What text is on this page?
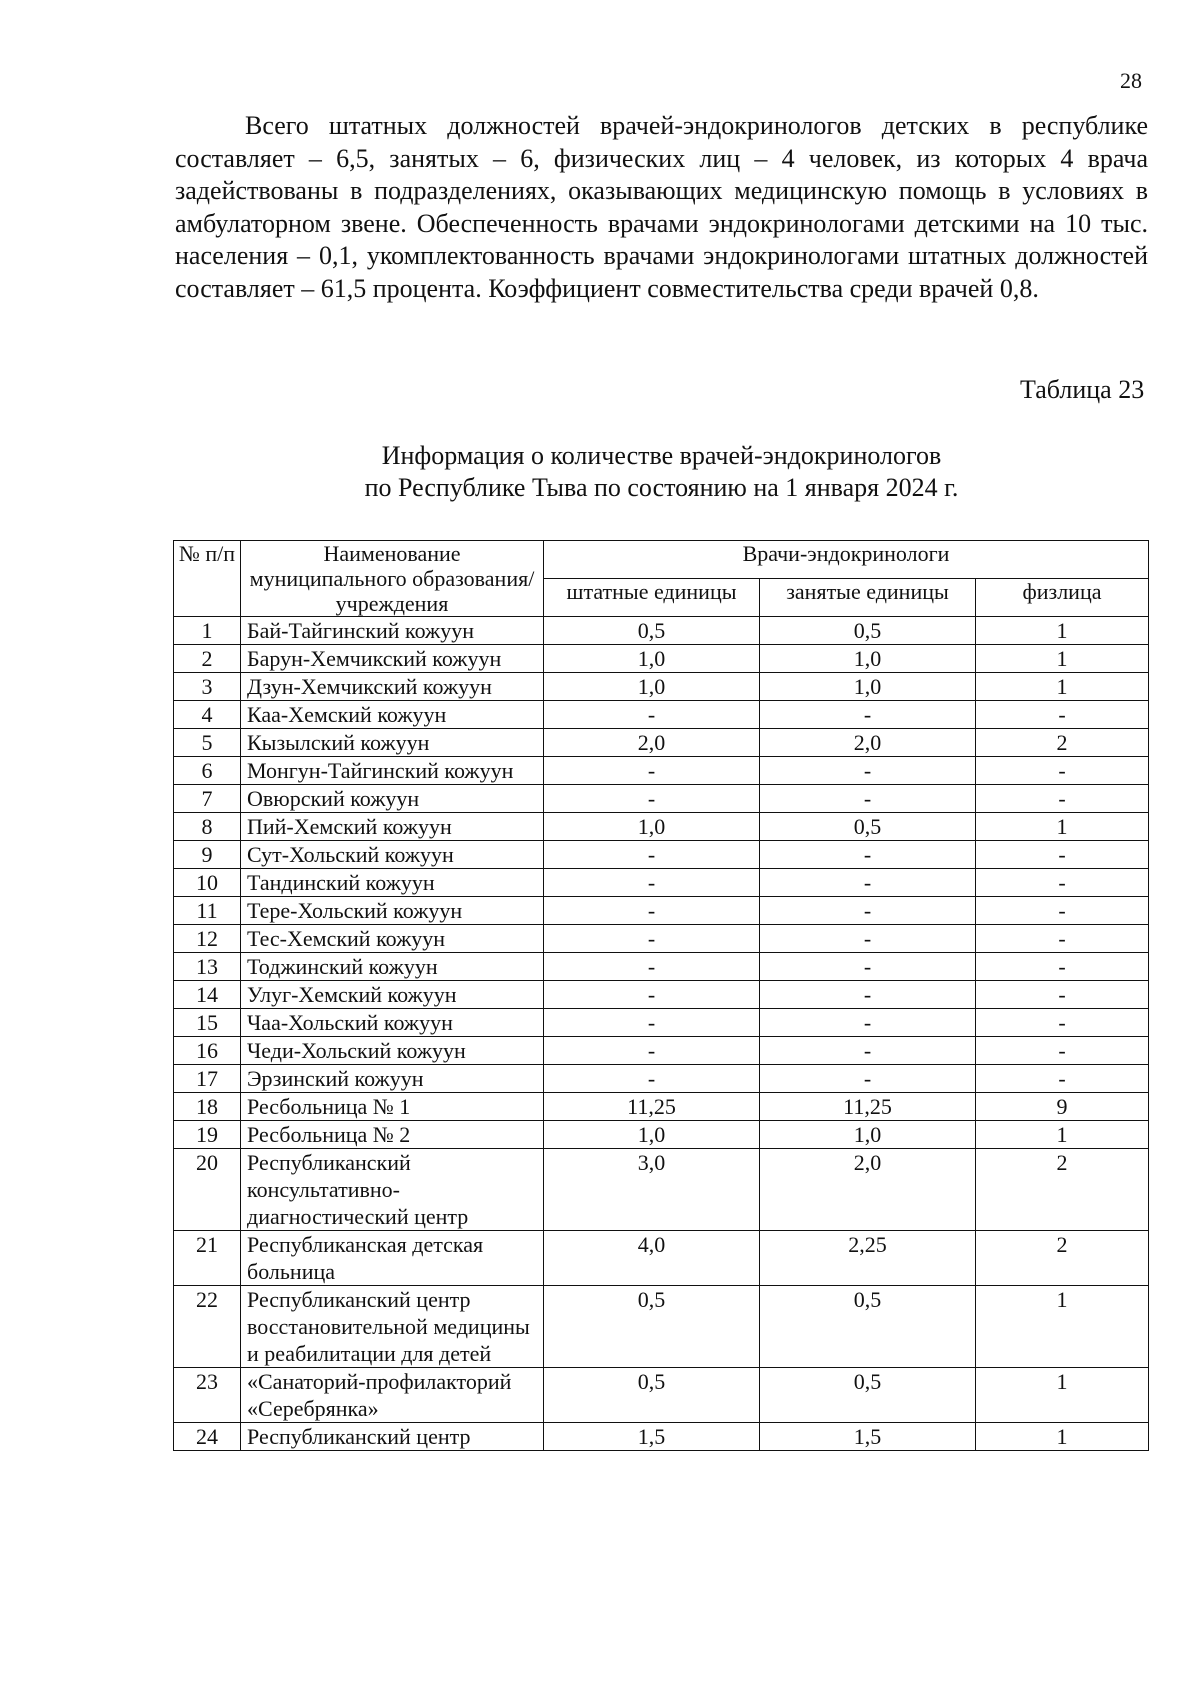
28

Всего штатных должностей врачей-эндокринологов детских в республике составляет – 6,5, занятых – 6, физических лиц – 4 человек, из которых 4 врача задействованы в подразделениях, оказывающих медицинскую помощь в условиях в амбулаторном звене. Обеспеченность врачами эндокринологами детскими на 10 тыс. населения – 0,1, укомплектованность врачами эндокринологами штатных должностей составляет – 61,5 процента. Коэффициент совместительства среди врачей 0,8.

Таблица 23
Информация о количестве врачей-эндокринологов
по Республике Тыва по состоянию на 1 января 2024 г.
№ п/п	Наименование муниципального образования/учреждения	Врачи-эндокринологи		
		штатные единицы	занятые единицы	физлица
1	Бай-Тайгинский кожуун	0,5	0,5	1
2	Барун-Хемчикский кожуун	1,0	1,0	1
3	Дзун-Хемчикский кожуун	1,0	1,0	1
4	Каа-Хемский кожуун	-	-	-
5	Кызылский кожуун	2,0	2,0	2
6	Монгун-Тайгинский кожуун	-	-	-
7	Овюрский кожуун	-	-	-
8	Пий-Хемский кожуун	1,0	0,5	1
9	Сут-Хольский кожуун	-	-	-
10	Тандинский кожуун	-	-	-
11	Тере-Хольский кожуун	-	-	-
12	Тес-Хемский кожуун	-	-	-
13	Тоджинский кожуун	-	-	-
14	Улуг-Хемский кожуун	-	-	-
15	Чаа-Хольский кожуун	-	-	-
16	Чеди-Хольский кожуун	-	-	-
17	Эрзинский кожуун	-	-	-
18	Ресбольница № 1	11,25	11,25	9
19	Ресбольница № 2	1,0	1,0	1
20	Республиканский консультативно-диагностический центр	3,0	2,0	2
21	Республиканская детская больница	4,0	2,25	2
22	Республиканский центр восстановительной медицины и реабилитации для детей	0,5	0,5	1
23	«Санаторий-профилакторий «Серебрянка»	0,5	0,5	1
24	Республиканский центр	1,5	1,5	1
